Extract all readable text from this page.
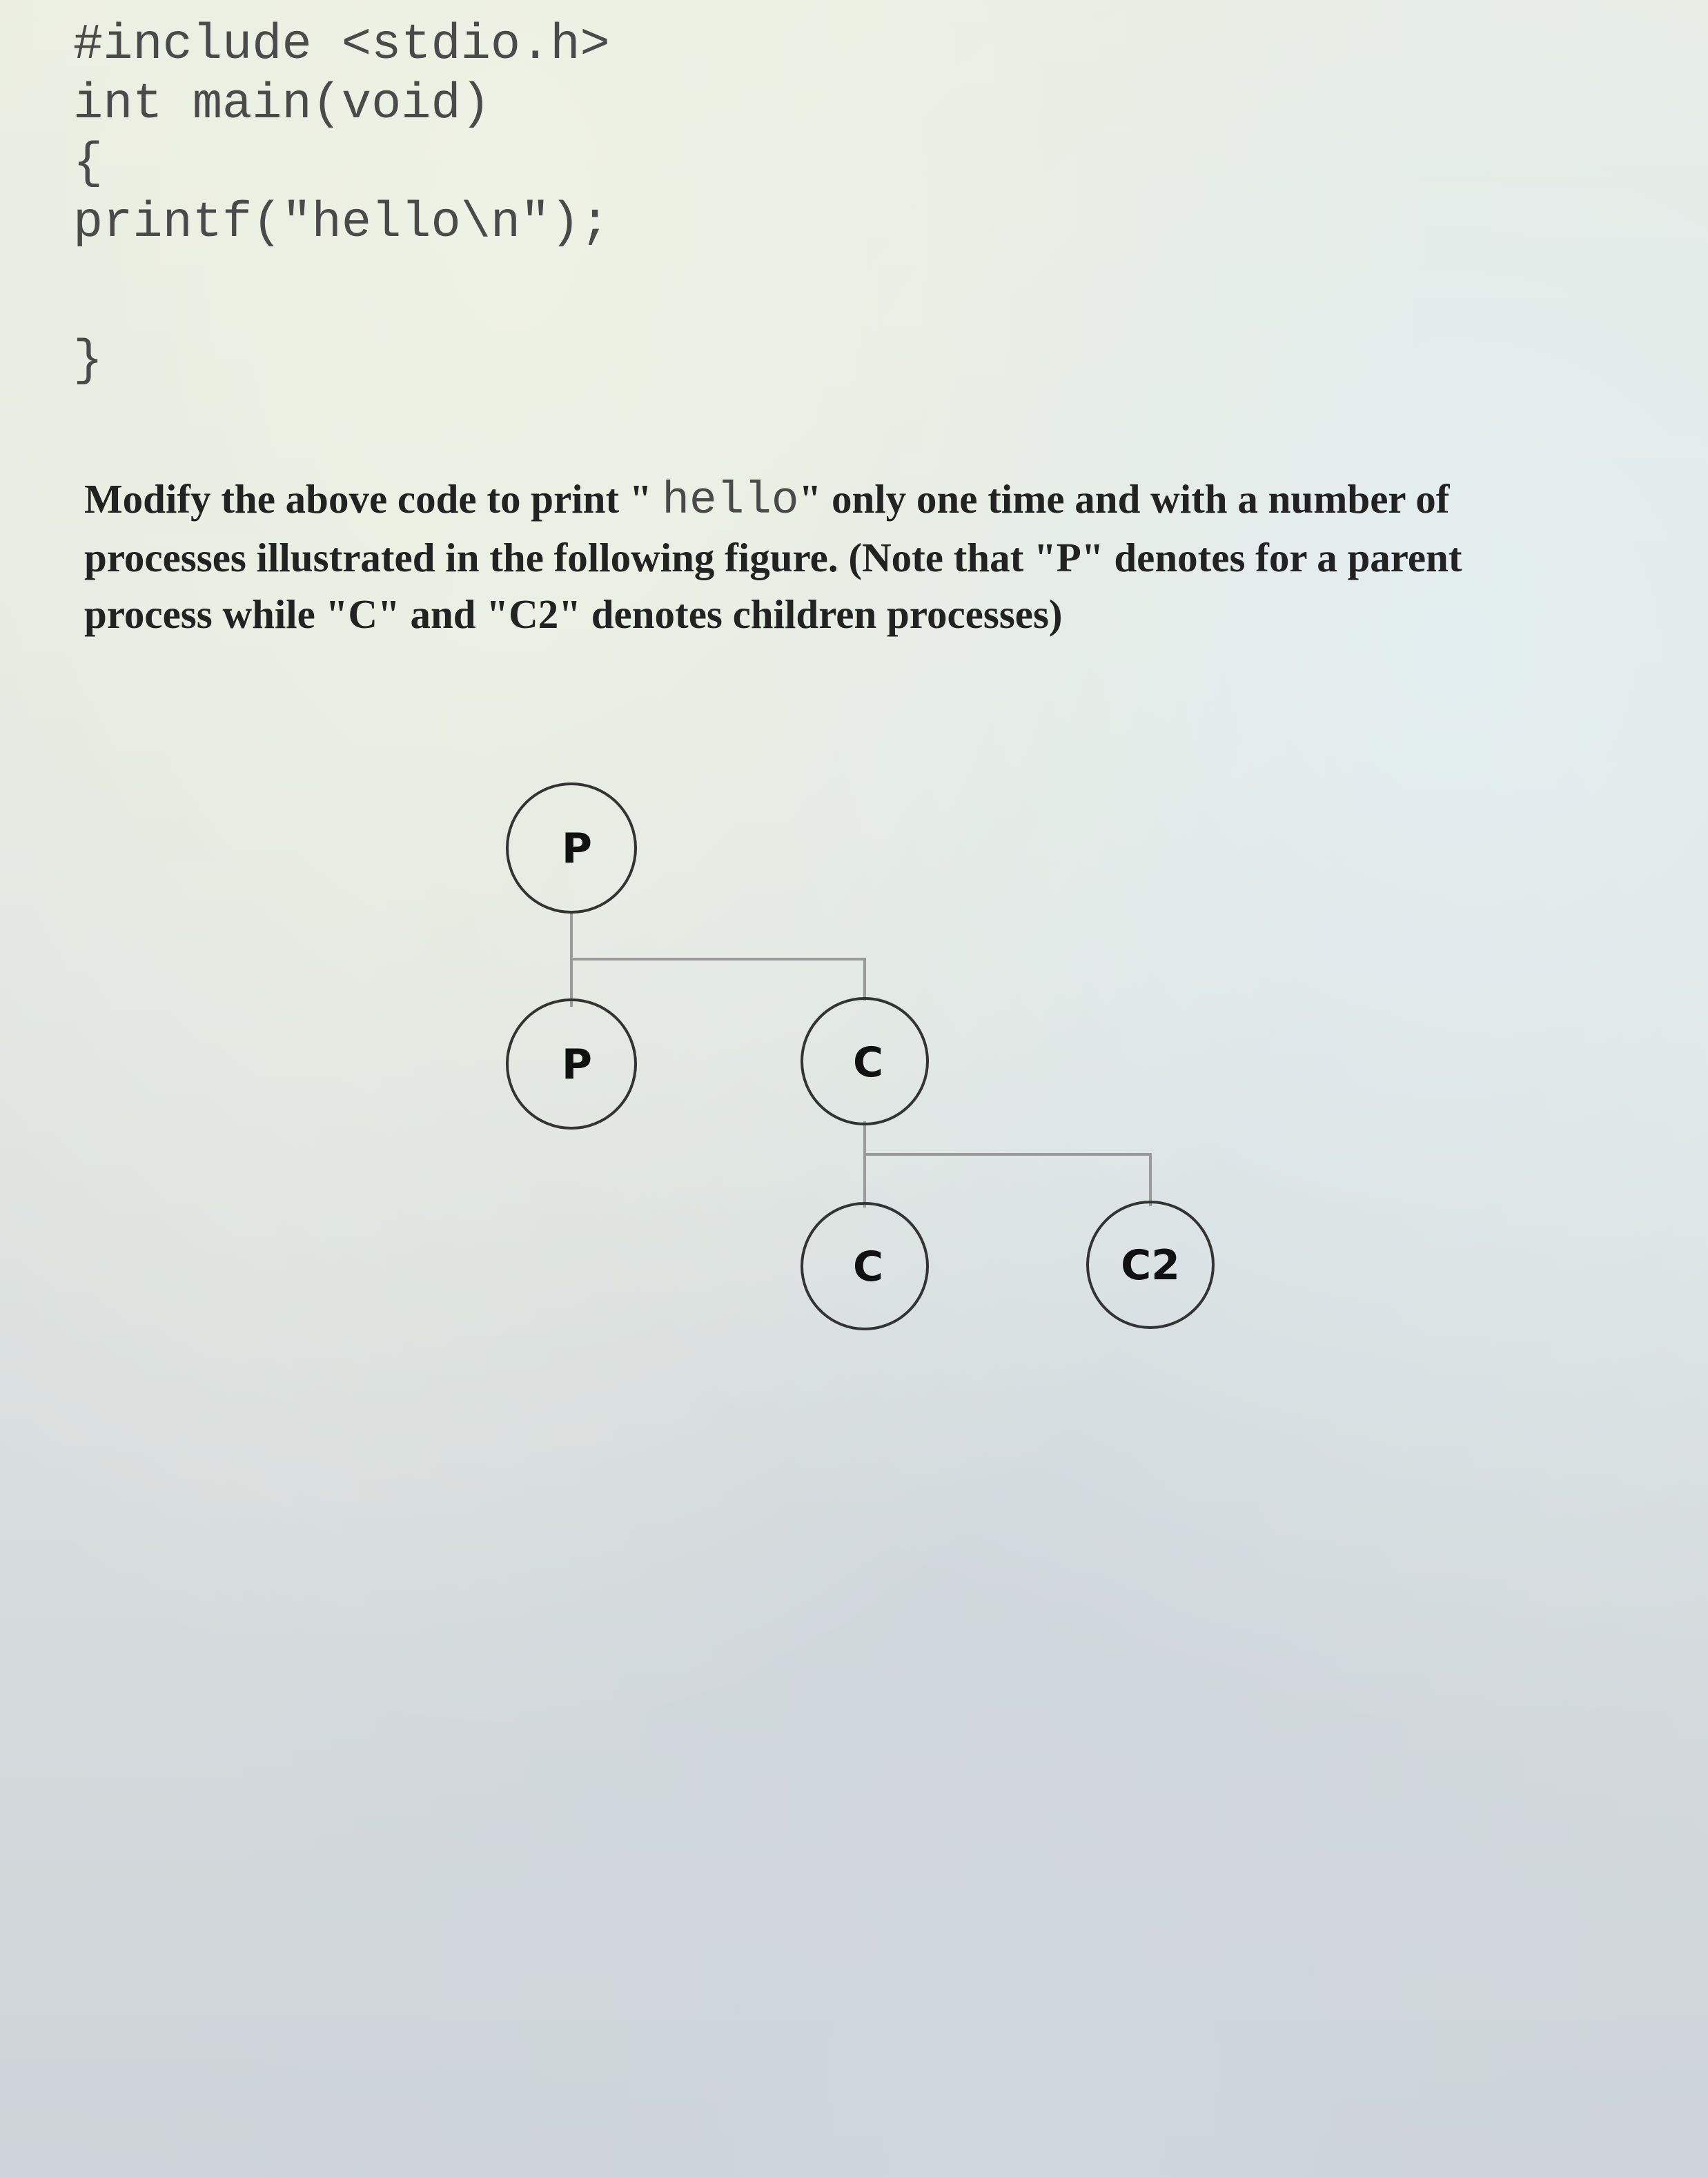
#include <stdio.h>
int main(void)
{
printf("hello\n");
}
Modify the above code to print " hello" only one time and with a number of processes illustrated in the following figure. (Note that "P" denotes for a parent process while "C" and "C2" denotes children processes)
P
P	C
C	C2
